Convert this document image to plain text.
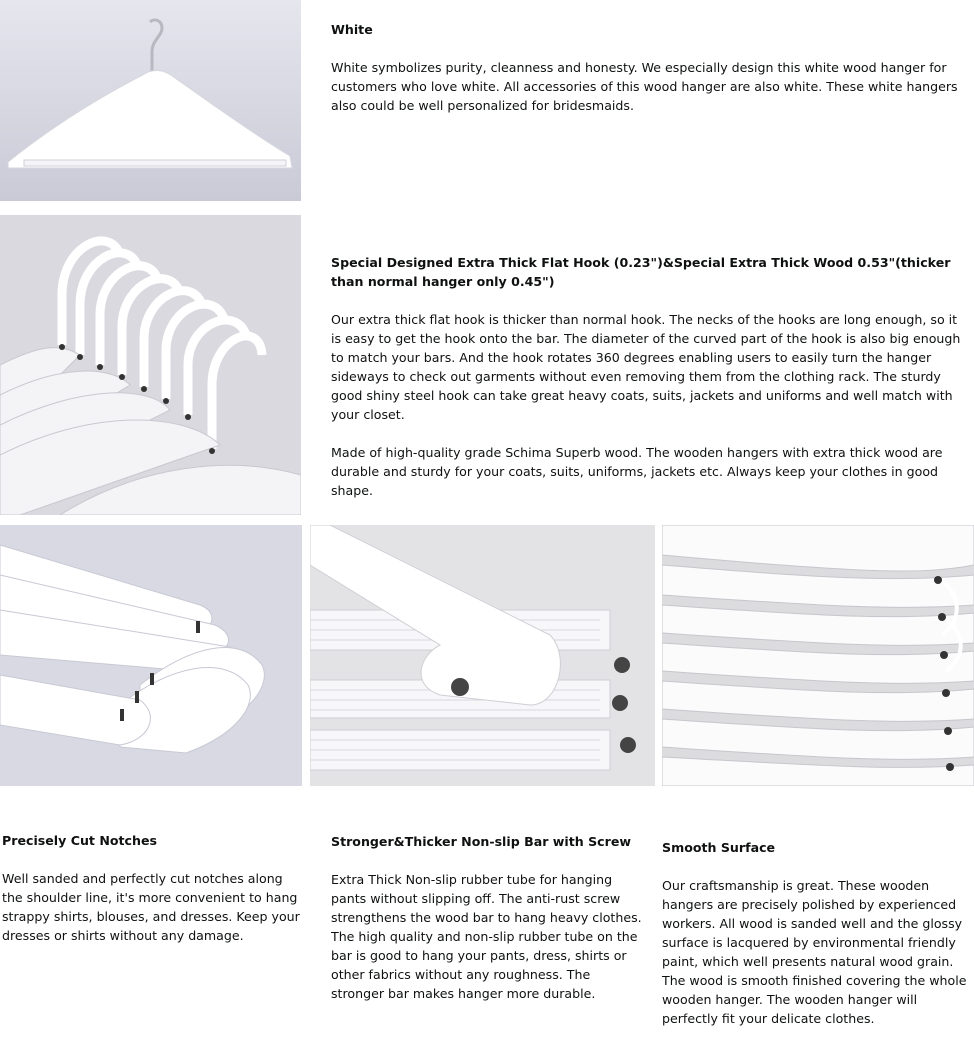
White

White symbolizes purity, cleanness and honesty. We especially design this white wood hanger for customers who love white. All accessories of this wood hanger are also white. These white hangers also could be well personalized for bridesmaids.

Special Designed Extra Thick Flat Hook (0.23")&Special Extra Thick Wood 0.53"(thicker than normal hanger only 0.45")

Our extra thick flat hook is thicker than normal hook. The necks of the hooks are long enough, so it is easy to get the hook onto the bar. The diameter of the curved part of the hook is also big enough to match your bars. And the hook rotates 360 degrees enabling users to easily turn the hanger sideways to check out garments without even removing them from the clothing rack. The sturdy good shiny steel hook can take great heavy coats, suits, jackets and uniforms and well match with your closet.

Made of high-quality grade Schima Superb wood. The wooden hangers with extra thick wood are durable and sturdy for your coats, suits, uniforms, jackets etc. Always keep your clothes in good shape.

Precisely Cut Notches

Well sanded and perfectly cut notches along the shoulder line, it's more convenient to hang strappy shirts, blouses, and dresses. Keep your dresses or shirts without any damage.

Stronger&Thicker Non-slip Bar with Screw

Extra Thick Non-slip rubber tube for hanging pants without slipping off. The anti-rust screw strengthens the wood bar to hang heavy clothes. The high quality and non-slip rubber tube on the bar is good to hang your pants, dress, shirts or other fabrics without any roughness. The stronger bar makes hanger more durable.

Smooth Surface

Our craftsmanship is great. These wooden hangers are precisely polished by experienced workers. All wood is sanded well and the glossy surface is lacquered by environmental friendly paint, which well presents natural wood grain. The wood is smooth finished covering the whole wooden hanger. The wooden hanger will perfectly fit your delicate clothes.
